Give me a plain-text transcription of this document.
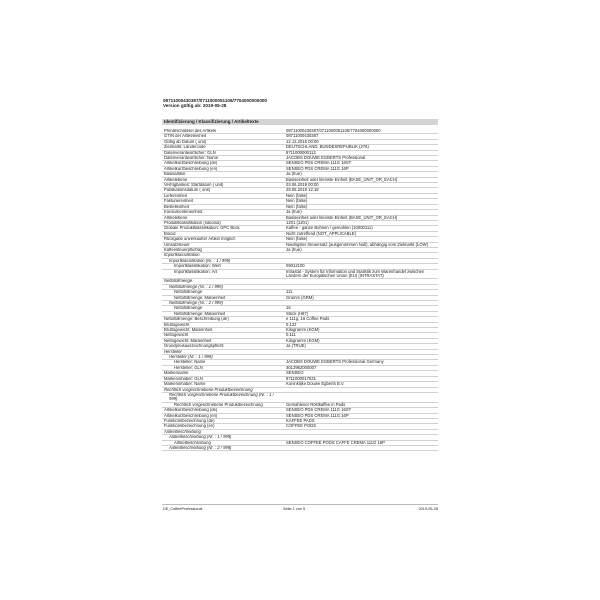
08711000430387/0711000051106/7704000000000
Version gültig ab: 2019-05-28
Identifizierung / Klassifizierung / Artikeltexte
Primärschlüssel des Artikels	08711000430387/0711000051106/7704000000000
GTIN der Artikeleinheit	08711000430387
Gültig ab Datum ( unit)	12.12.2016 00:00
Zielmarkt: Ländercode	DEUTSCHLAND, BUNDESREPUBLIK (276)
Datenverantwortlicher: GLN	8711000000113
Datenverantwortlicher: Name	JACOBS DOUWE EGBERTS Professional
Artikelkurzbeschreibung (de)	SENSEO PDS CREMA 111G 16ST
Artikelkurzbeschreibung (en)	SENSEO PDS CREMA 111G 16P
Basisartikel	Ja (true)
Artikelebene	Basiseinheit oder kleinste Einheit (BASE_UNIT_OR_EACH)
Verfügbarkeit: Startdatum ( unit)	03.06.2019 00:00
Publikationsdatum ( unit)	28.05.2019 12:18
Liefereinheit	Nein (false)
Fakturiereinheit	Nein (false)
Bestelleinheit	Nein (false)
Konsumenteneinheit	Ja (true)
Artikelebene	Basiseinheit oder kleinste Einheit (BASE_UNIT_OR_EACH)
Produktklassifikation (national)	1201 (1201)
Globale Produktklassifikation: GPC Brick	Kaffee - ganze Bohnen / gemahlen (10000111)
Biocid	Nicht zutreffend (NOT_APPLICABLE)
Rückgabe unverkaufter Artikel möglich	Nein (false)
Umsatzsteuer	Niedrigster Steuersatz (ausgenommen Null), abhängig vom Zielmarkt (LOW)
Kaffeesteuerpflichtig	Ja (true)
Importklassifikation
Importklassifikation (Nr. : 1 / 999)
Importklassifikation: Wert	09012100
Importklassifikation: Art	Intrastat - System für Information und Statistik zum Warenhandel zwischen Ländern der Europäischen Union (EU) (INTRASTAT)
Nettofüllmenge
Nettofüllmenge (Nr. : 1 / 999)
Nettofüllmenge	111
Nettofüllmenge: Maßeinheit	Gramm (GRM)
Nettofüllmenge (Nr. : 2 / 999)
Nettofüllmenge	16
Nettofüllmenge: Maßeinheit	Stück (H87)
Nettofüllmenge: Beschreibung (de)	e 111g, 16 Coffee Pads
Bruttogewicht	0.122
Bruttogewicht: Maßeinheit	Kilogramm (KGM)
Nettogewicht	0.111
Nettogewicht: Maßeinheit	Kilogramm (KGM)
Grundpreisauszeichnungspflicht	Ja (TRUE)
Hersteller
Hersteller (Nr. : 1 / 999)
Hersteller: Name	JACOBS DOUWE EGBERTS Professional Germany
Hersteller: GLN	4013962000007
Markenname	SENSEO
Markeninhaber: GLN	8711000017531
Markeninhaber: Name	Koninklijke Douwe Egberts B.V.
Rechtlich vorgeschriebene Produktbezeichnung
Rechtlich vorgeschriebene Produktbezeichnung (Nr. : 1 / 999)
Rechtlich vorgeschriebene Produktbezeichnung	Gemahlener Röstkaffee in Pads
Artikelkurzbeschreibung (de)	SENSEO PDS CREMA 111G 16ST
Artikelkurzbeschreibung (en)	SENSEO PDS CREMA 111G 16P
Funktionsbezeichnung (de)	KAFFEE PADS
Funktionsbezeichnung (en)	COFFEE PODS
Artikelbeschreibung
Artikelbeschreibung (Nr. : 1 / 999)
Artikelbeschreibung	SENSEO COFFEE PODS CAFFE CREMA 111G 16P
Artikelbeschreibung (Nr. : 2 / 999)
DE_CoffeeProfessional	Seite 1 von 5	2019-05-28
